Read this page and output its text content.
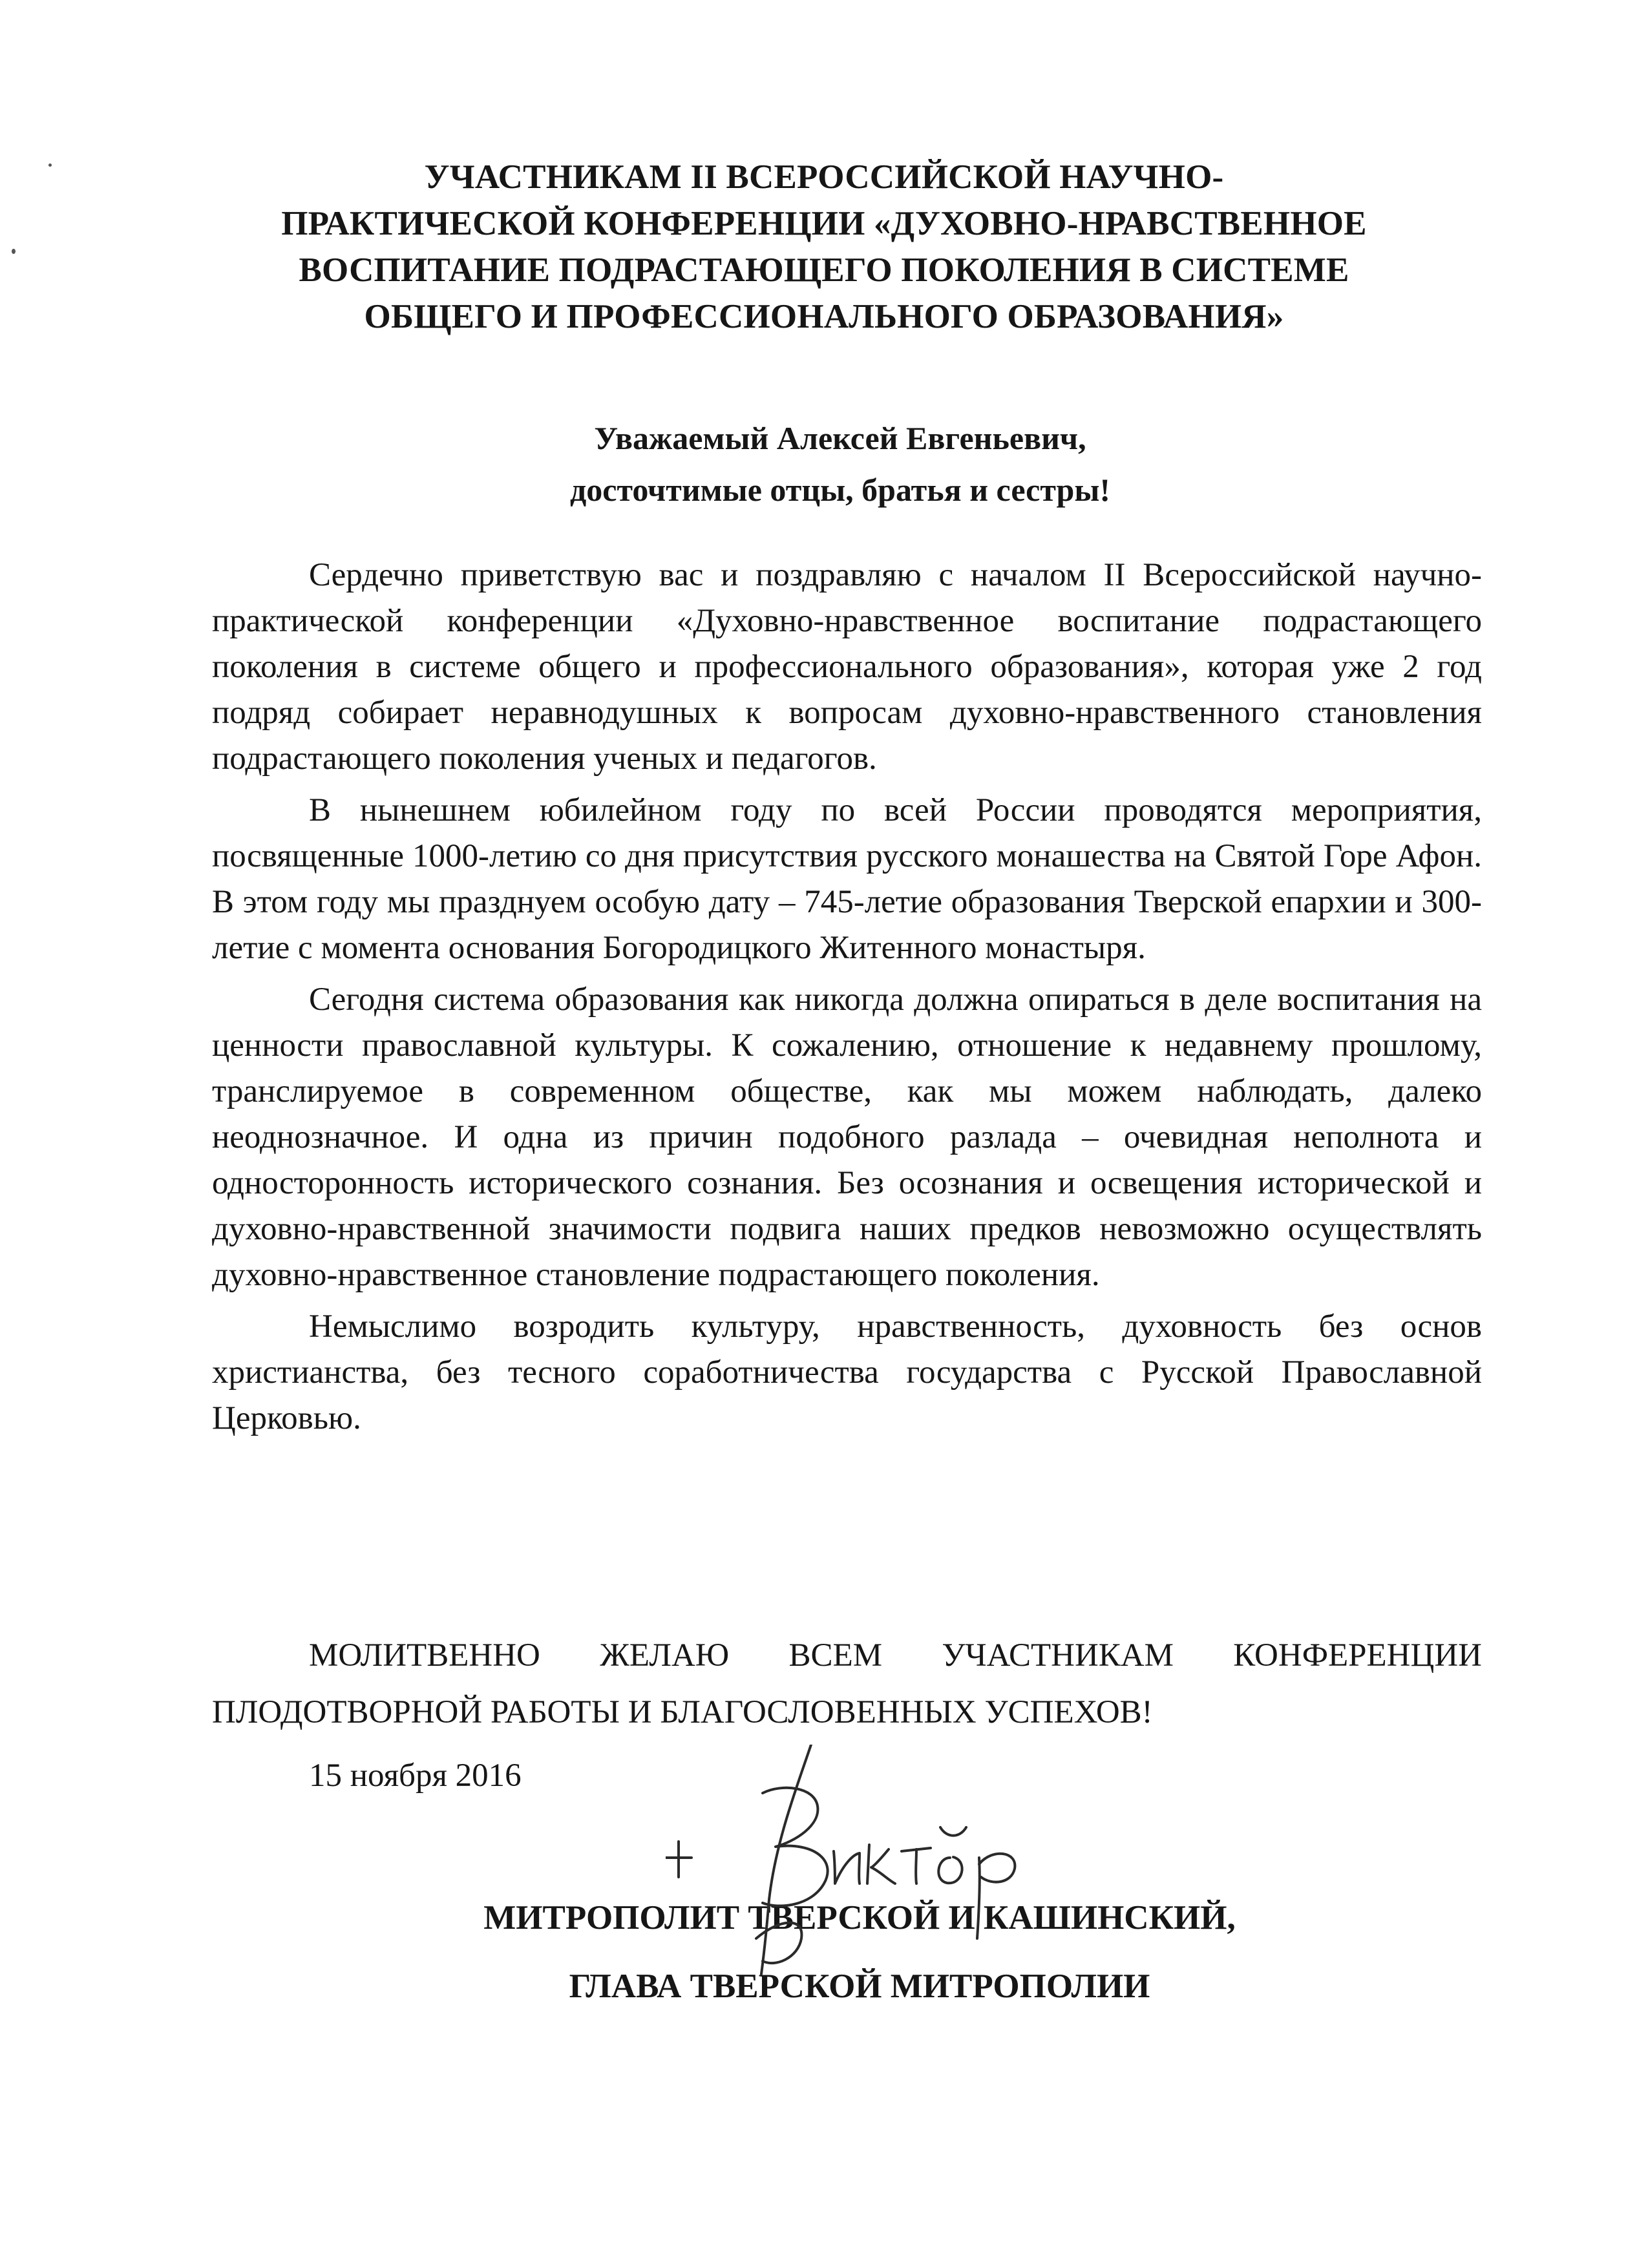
УЧАСТНИКАМ II ВСЕРОССИЙСКОЙ НАУЧНО-
ПРАКТИЧЕСКОЙ КОНФЕРЕНЦИИ «ДУХОВНО-НРАВСТВЕННОЕ
ВОСПИТАНИЕ ПОДРАСТАЮЩЕГО ПОКОЛЕНИЯ В СИСТЕМЕ
ОБЩЕГО И ПРОФЕССИОНАЛЬНОГО ОБРАЗОВАНИЯ»
Уважаемый Алексей Евгеньевич,
досточтимые отцы, братья и сестры!

Сердечно приветствую вас и поздравляю с началом II Всероссийской научно-практической конференции «Духовно-нравственное воспитание подрастающего поколения в системе общего и профессионального образования», которая уже 2 год подряд собирает неравнодушных к вопросам духовно-нравственного становления подрастающего поколения ученых и педагогов.

В нынешнем юбилейном году по всей России проводятся мероприятия, посвященные 1000-летию со дня присутствия русского монашества на Святой Горе Афон. В этом году мы празднуем особую дату – 745-летие образования Тверской епархии и 300-летие с момента основания Богородицкого Житенного монастыря.

Сегодня система образования как никогда должна опираться в деле воспитания на ценности православной культуры. К сожалению, отношение к недавнему прошлому, транслируемое в современном обществе, как мы можем наблюдать, далеко неоднозначное. И одна из причин подобного разлада – очевидная неполнота и односторонность исторического сознания. Без осознания и освещения исторической и духовно-нравственной значимости подвига наших предков невозможно осуществлять духовно-нравственное становление подрастающего поколения.

Немыслимо возродить культуру, нравственность, духовность без основ христианства, без тесного соработничества государства с Русской Православной Церковью.

МОЛИТВЕННО ЖЕЛАЮ ВСЕМ УЧАСТНИКАМ КОНФЕРЕНЦИИ ПЛОДОТВОРНОЙ РАБОТЫ И БЛАГОСЛОВЕННЫХ УСПЕХОВ!

15 ноября 2016
МИТРОПОЛИТ ТВЕРСКОЙ И КАШИНСКИЙ,
ГЛАВА ТВЕРСКОЙ МИТРОПОЛИИ
